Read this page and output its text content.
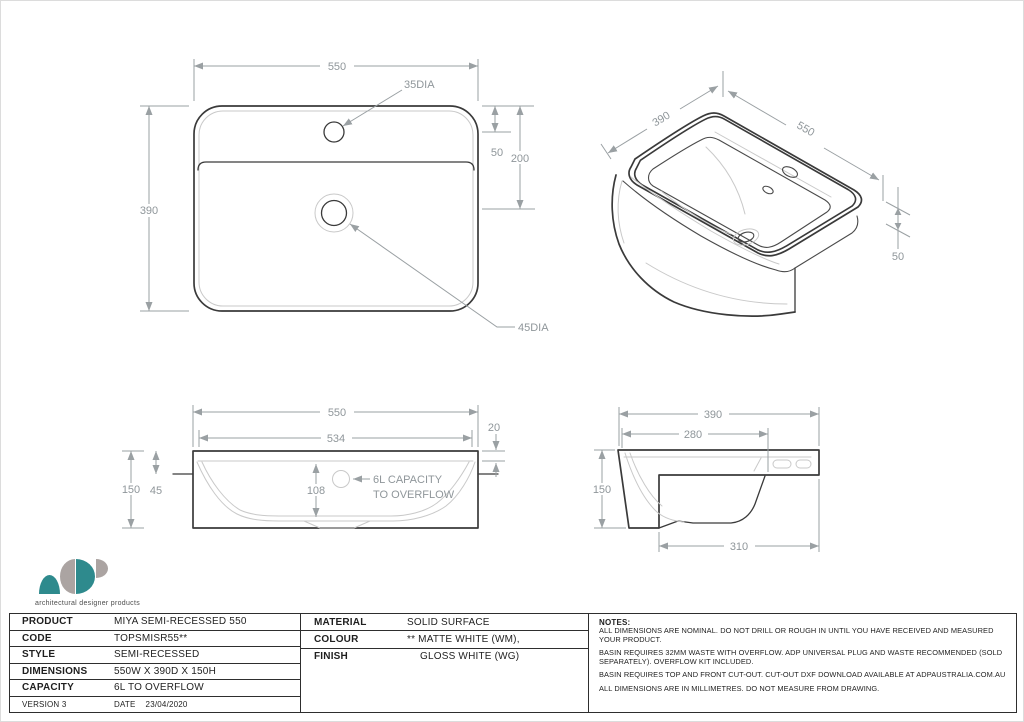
550
390
50 200
35DIA
45DIA
390
550
50
550
534
20
45
150	108
6L CAPACITY
TO OVERFLOW
390
280
150
310
architectural designer products
PRODUCT	MIYA SEMI-RECESSED 550
CODE	TOPSMISR55**
STYLE	SEMI-RECESSED
DIMENSIONS	550W X 390D X 150H
CAPACITY	6L TO OVERFLOW
VERSION 3	DATE 23/04/2020
MATERIAL	SOLID SURFACE
COLOUR	** MATTE WHITE (WM),
FINISH	GLOSS WHITE (WG)
NOTES:

ALL DIMENSIONS ARE NOMINAL. DO NOT DRILL OR ROUGH IN UNTIL YOU HAVE RECEIVED AND MEASURED YOUR PRODUCT.

BASIN REQUIRES 32MM WASTE WITH OVERFLOW. ADP UNIVERSAL PLUG AND WASTE RECOMMENDED (SOLD SEPARATELY). OVERFLOW KIT INCLUDED.

BASIN REQUIRES TOP AND FRONT CUT-OUT. CUT-OUT DXF DOWNLOAD AVAILABLE AT ADPAUSTRALIA.COM.AU

ALL DIMENSIONS ARE IN MILLIMETRES. DO NOT MEASURE FROM DRAWING.
